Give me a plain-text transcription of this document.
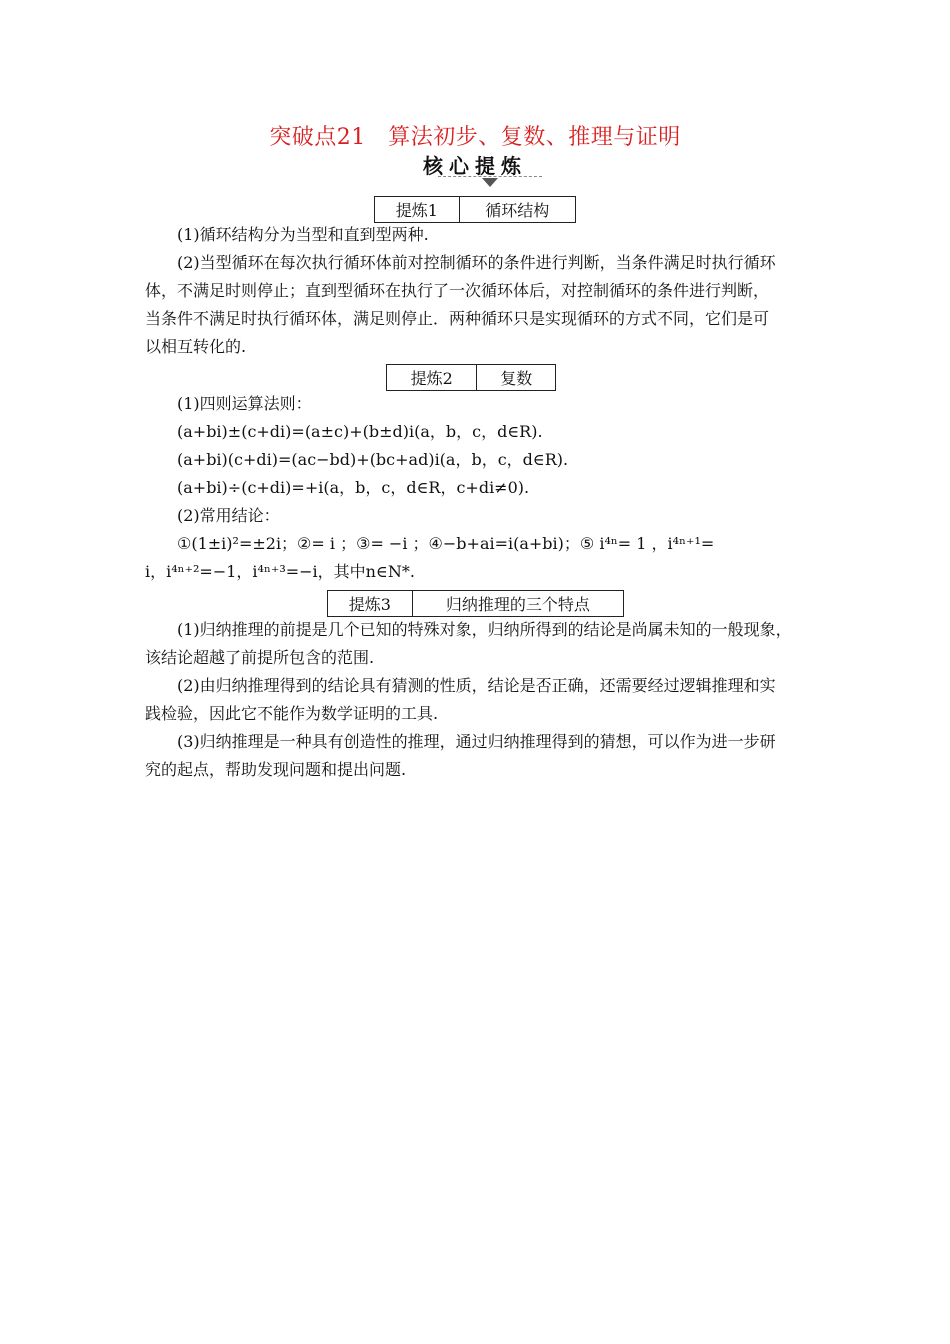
突破点21　算法初步、复数、推理与证明
核心提炼
提炼1	循环结构
(1)循环结构分为当型和直到型两种.
(2)当型循环在每次执行循环体前对控制循环的条件进行判断，当条件满足时执行循环
体，不满足时则停止；直到型循环在执行了一次循环体后，对控制循环的条件进行判断，
当条件不满足时执行循环体，满足则停止．两种循环只是实现循环的方式不同，它们是可
以相互转化的.
提炼2	复数
(1)四则运算法则：
(a+bi)±(c+di)=(a±c)+(b±d)i(a，b，c，d∈R).
(a+bi)(c+di)=(ac−bd)+(bc+ad)i(a，b，c，d∈R).
(a+bi)÷(c+di)=+i(a，b，c，d∈R，c+di≠0).
(2)常用结论：
①(1±i)²=±2i；②= i ；③= −i ；④−b+ai=i(a+bi)；⑤ i⁴ⁿ= 1 ，i⁴ⁿ⁺¹=
i，i⁴ⁿ⁺²=−1，i⁴ⁿ⁺³=−i，其中n∈N*.
提炼3	归纳推理的三个特点
(1)归纳推理的前提是几个已知的特殊对象，归纳所得到的结论是尚属未知的一般现象，
该结论超越了前提所包含的范围.
(2)由归纳推理得到的结论具有猜测的性质，结论是否正确，还需要经过逻辑推理和实
践检验，因此它不能作为数学证明的工具.
(3)归纳推理是一种具有创造性的推理，通过归纳推理得到的猜想，可以作为进一步研
究的起点，帮助发现问题和提出问题.
